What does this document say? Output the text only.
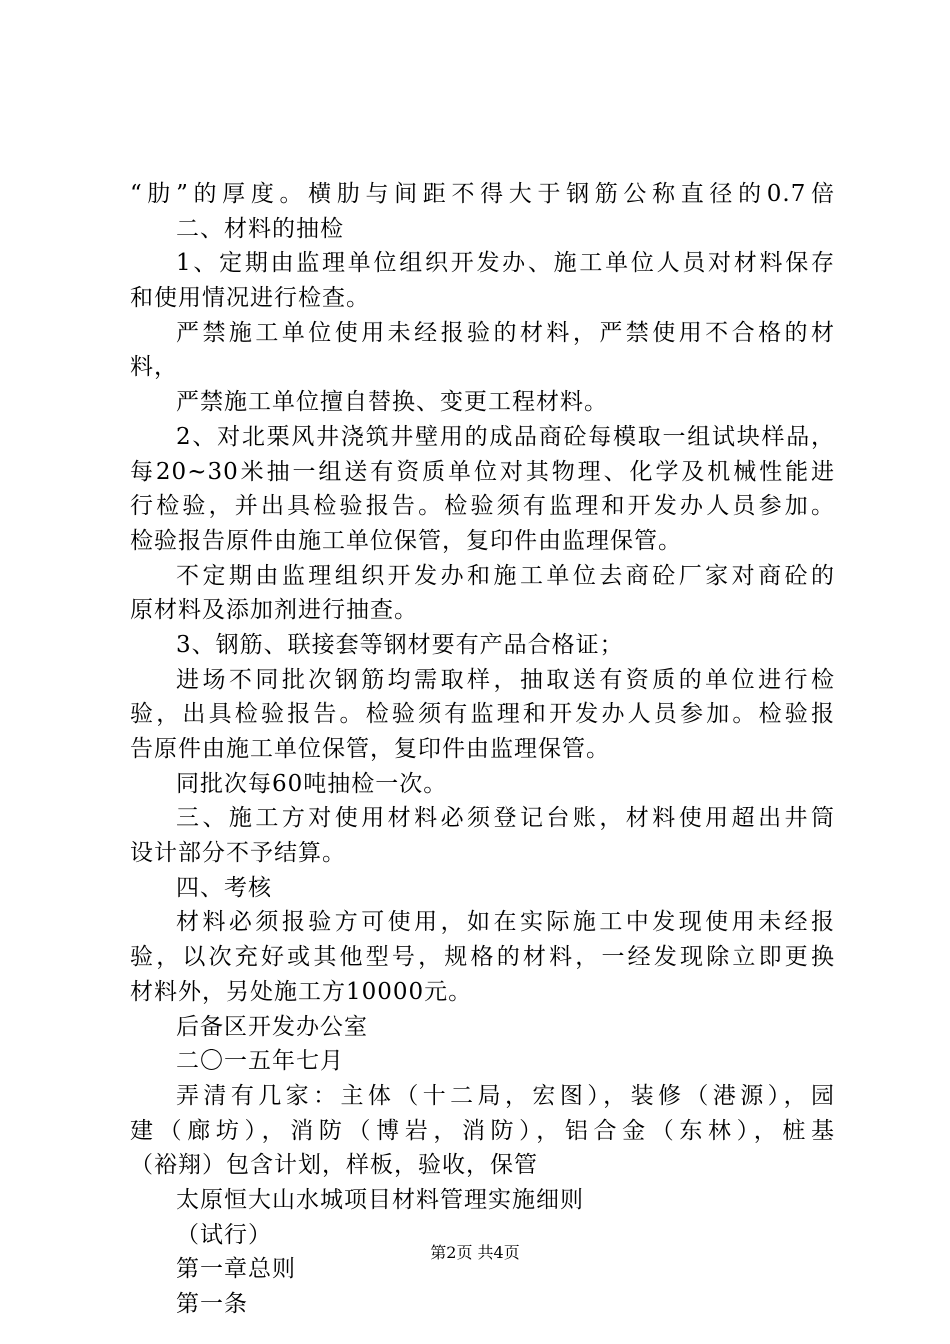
“肋”的厚度。横肋与间距不得大于钢筋公称直径的0.7倍
二、材料的抽检
1、定期由监理单位组织开发办、施工单位人员对材料保存
和使用情况进行检查。
严禁施工单位使用未经报验的材料，严禁使用不合格的材
料，
严禁施工单位擅自替换、变更工程材料。
2、对北栗风井浇筑井壁用的成品商砼每模取一组试块样品，
每20~30米抽一组送有资质单位对其物理、化学及机械性能进
行检验，并出具检验报告。检验须有监理和开发办人员参加。
检验报告原件由施工单位保管，复印件由监理保管。
不定期由监理组织开发办和施工单位去商砼厂家对商砼的
原材料及添加剂进行抽查。
3、钢筋、联接套等钢材要有产品合格证；
进场不同批次钢筋均需取样，抽取送有资质的单位进行检
验，出具检验报告。检验须有监理和开发办人员参加。检验报
告原件由施工单位保管，复印件由监理保管。
同批次每60吨抽检一次。
三、施工方对使用材料必须登记台账，材料使用超出井筒
设计部分不予结算。
四、考核
材料必须报验方可使用，如在实际施工中发现使用未经报
验，以次充好或其他型号，规格的材料，一经发现除立即更换
材料外，另处施工方10000元。
后备区开发办公室
二〇一五年七月
弄清有几家：主体（十二局，宏图），装修（港源），园
建（廊坊），消防（博岩，消防），铝合金（东林），桩基
（裕翔）包含计划，样板，验收，保管
太原恒大山水城项目材料管理实施细则
（试行）
第一章总则
第一条
第2页 共4页
